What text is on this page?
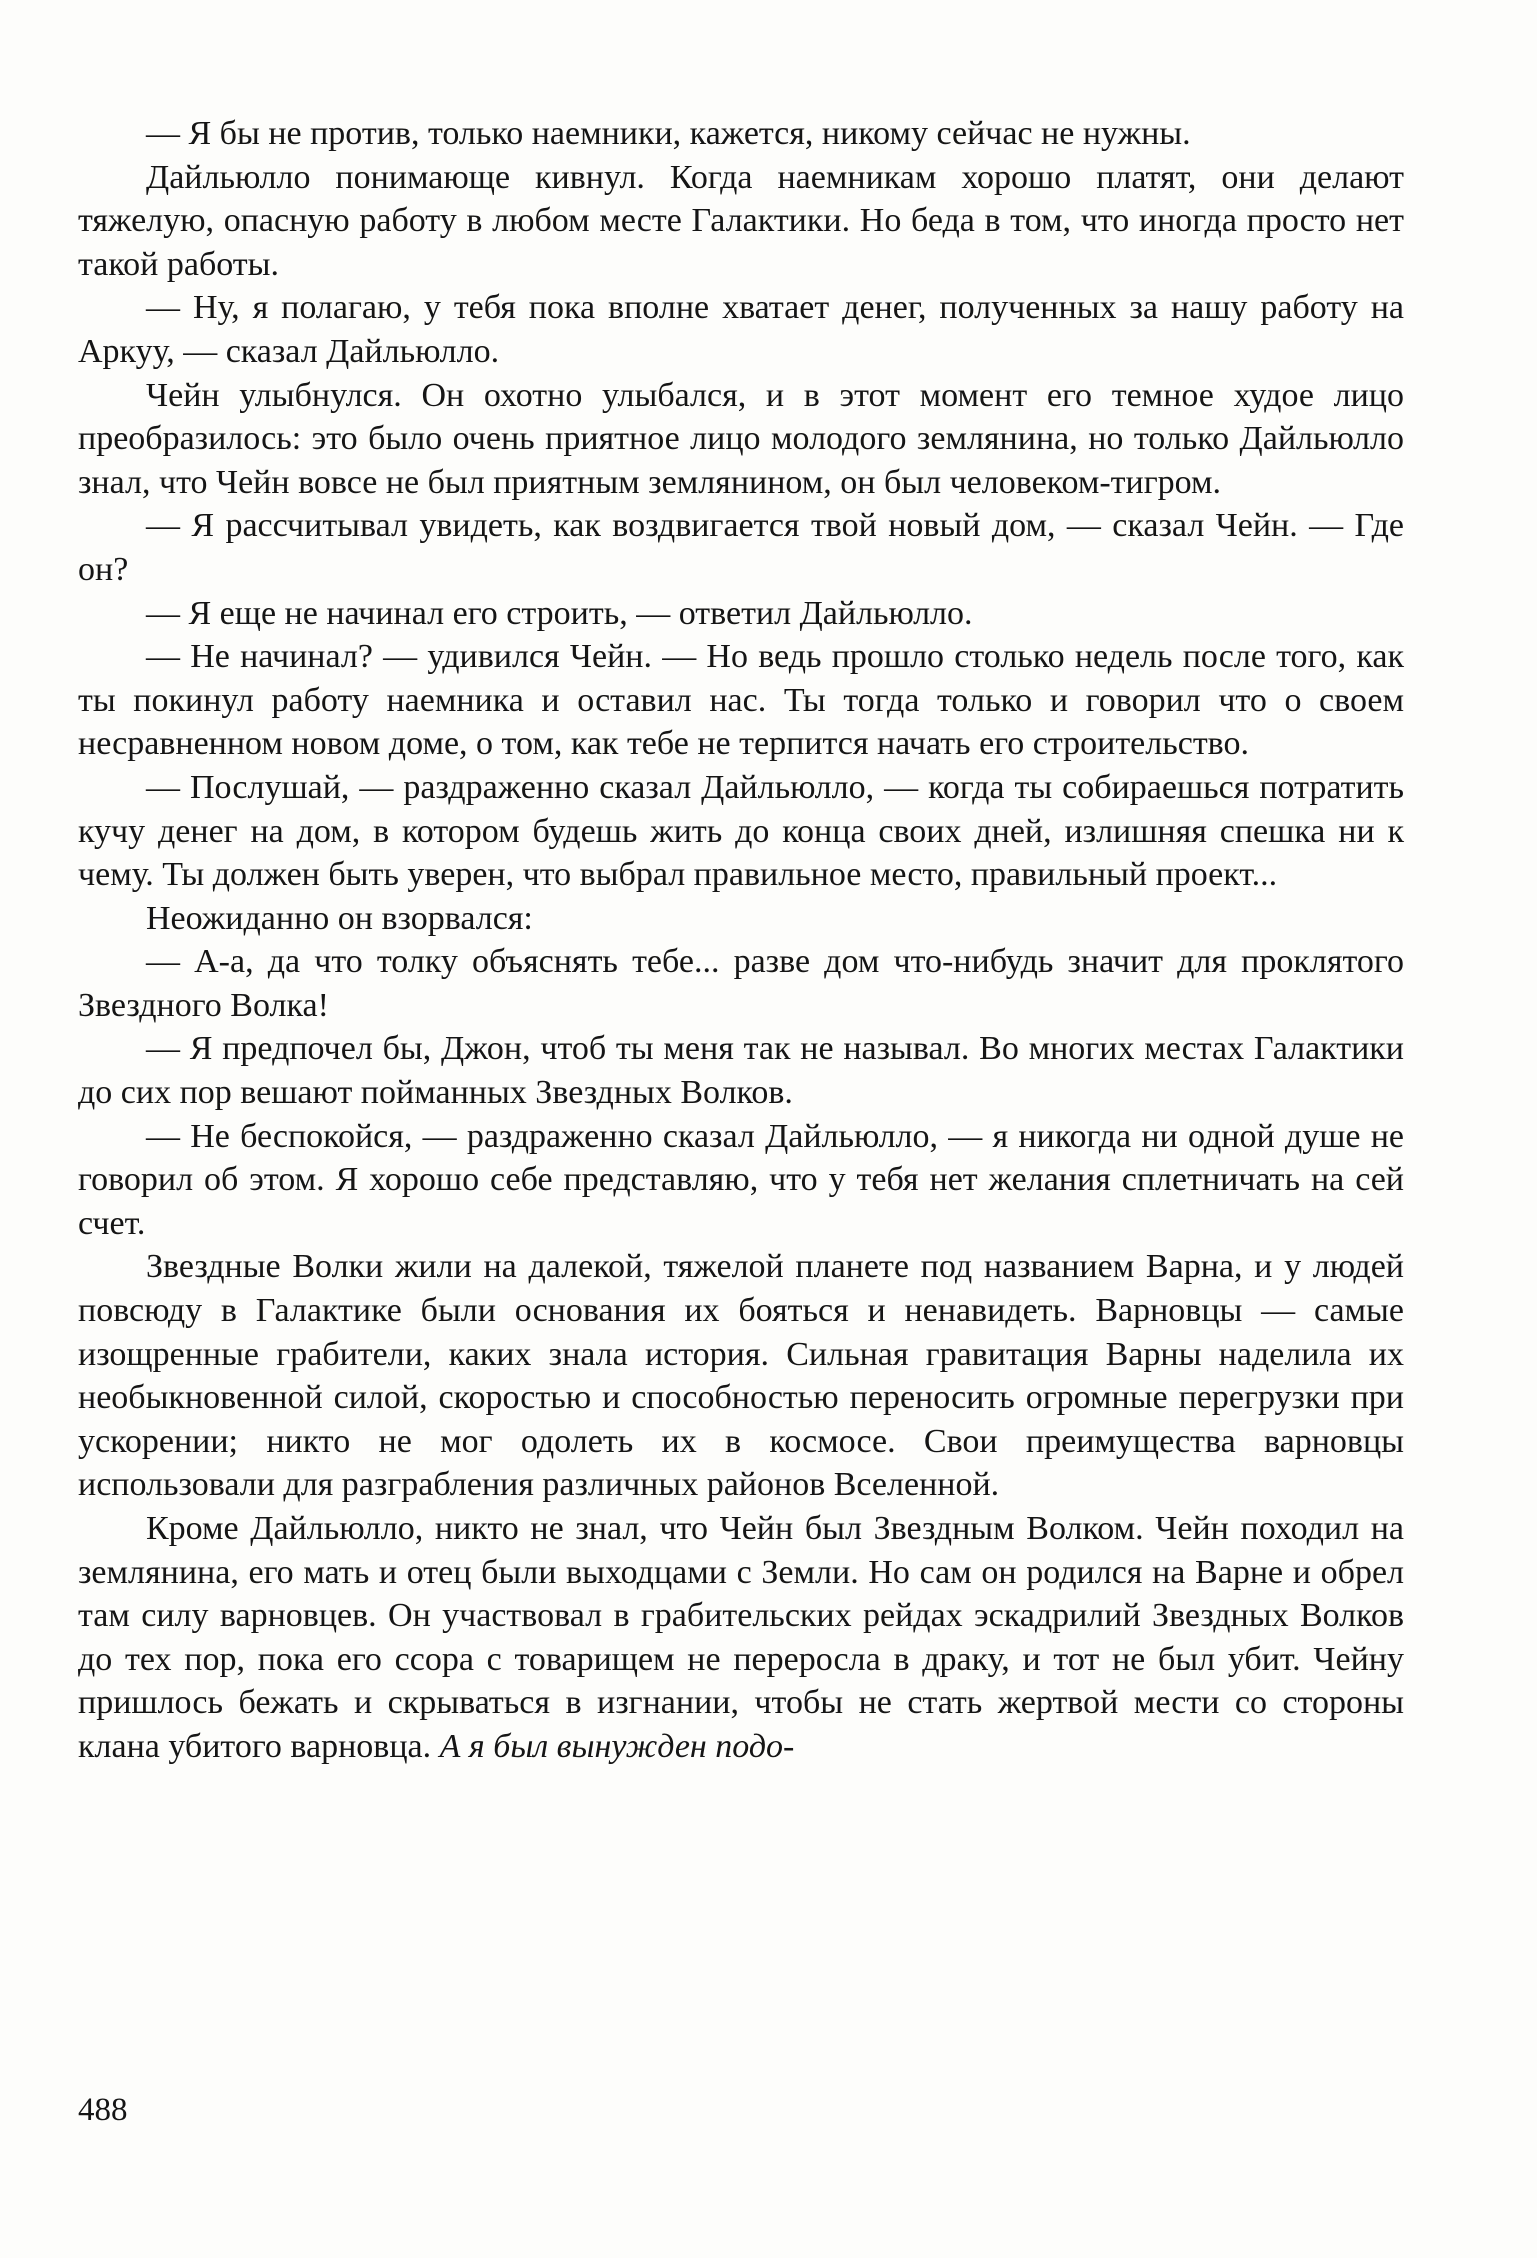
— Я бы не против, только наемники, кажется, никому сейчас не нужны.

Дайльюлло понимающе кивнул. Когда наемникам хорошо платят, они делают тяжелую, опасную работу в любом месте Галактики. Но беда в том, что иногда просто нет такой работы.

— Ну, я полагаю, у тебя пока вполне хватает денег, полученных за нашу работу на Аркуу, — сказал Дайльюлло.

Чейн улыбнулся. Он охотно улыбался, и в этот момент его темное худое лицо преобразилось: это было очень приятное лицо молодого землянина, но только Дайльюлло знал, что Чейн вовсе не был приятным землянином, он был человеком-тигром.

— Я рассчитывал увидеть, как воздвигается твой новый дом, — сказал Чейн. — Где он?

— Я еще не начинал его строить, — ответил Дайльюлло.

— Не начинал? — удивился Чейн. — Но ведь прошло столько недель после того, как ты покинул работу наемника и оставил нас. Ты тогда только и говорил что о своем несравненном новом доме, о том, как тебе не терпится начать его строительство.

— Послушай, — раздраженно сказал Дайльюлло, — когда ты собираешься потратить кучу денег на дом, в котором будешь жить до конца своих дней, излишняя спешка ни к чему. Ты должен быть уверен, что выбрал правильное место, правильный проект...

Неожиданно он взорвался:

— А-а, да что толку объяснять тебе... разве дом что-нибудь значит для проклятого Звездного Волка!

— Я предпочел бы, Джон, чтоб ты меня так не называл. Во многих местах Галактики до сих пор вешают пойманных Звездных Волков.

— Не беспокойся, — раздраженно сказал Дайльюлло, — я никогда ни одной душе не говорил об этом. Я хорошо себе представляю, что у тебя нет желания сплетничать на сей счет.

Звездные Волки жили на далекой, тяжелой планете под названием Варна, и у людей повсюду в Галактике были основания их бояться и ненавидеть. Варновцы — самые изощренные грабители, каких знала история. Сильная гравитация Варны наделила их необыкновенной силой, скоростью и способностью переносить огромные перегрузки при ускорении; никто не мог одолеть их в космосе. Свои преимущества варновцы использовали для разграбления различных районов Вселенной.

Кроме Дайльюлло, никто не знал, что Чейн был Звездным Волком. Чейн походил на землянина, его мать и отец были выходцами с Земли. Но сам он родился на Варне и обрел там силу варновцев. Он участвовал в грабительских рейдах эскадрилий Звездных Волков до тех пор, пока его ссора с товарищем не переросла в драку, и тот не был убит. Чейну пришлось бежать и скрываться в изгнании, чтобы не стать жертвой мести со стороны клана убитого варновца. А я был вынужден подо-

488
